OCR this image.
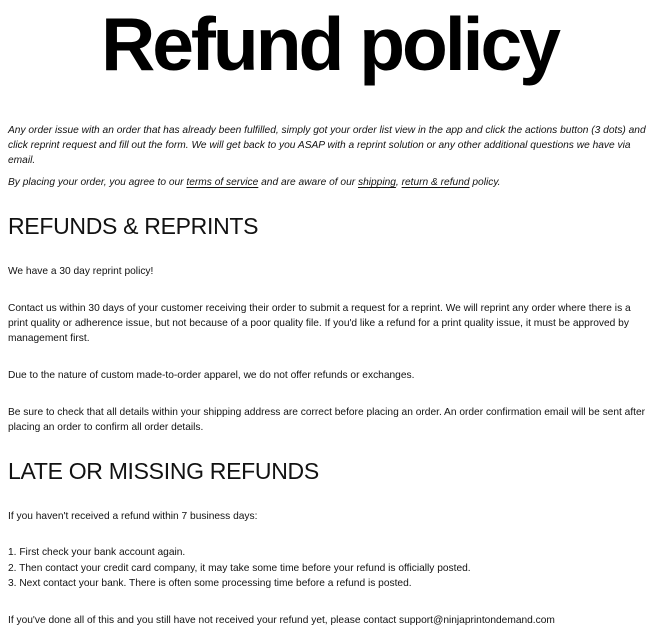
Refund policy

Any order issue with an order that has already been fulfilled, simply got your order list view in the app and click the actions button (3 dots) and click reprint request and fill out the form. We will get back to you ASAP with a reprint solution or any other additional questions we have via email.

By placing your order, you agree to our terms of service and are aware of our shipping, return & refund policy.

REFUNDS & REPRINTS

We have a 30 day reprint policy!

Contact us within 30 days of your customer receiving their order to submit a request for a reprint. We will reprint any order where there is a print quality or adherence issue, but not because of a poor quality file. If you'd like a refund for a print quality issue, it must be approved by management first.

Due to the nature of custom made-to-order apparel, we do not offer refunds or exchanges.

Be sure to check that all details within your shipping address are correct before placing an order. An order confirmation email will be sent after placing an order to confirm all order details.

LATE OR MISSING REFUNDS

If you haven't received a refund within 7 business days:

1. First check your bank account again.

2. Then contact your credit card company, it may take some time before your refund is officially posted.

3. Next contact your bank. There is often some processing time before a refund is posted.

If you've done all of this and you still have not received your refund yet, please contact support@ninjaprintondemand.com
